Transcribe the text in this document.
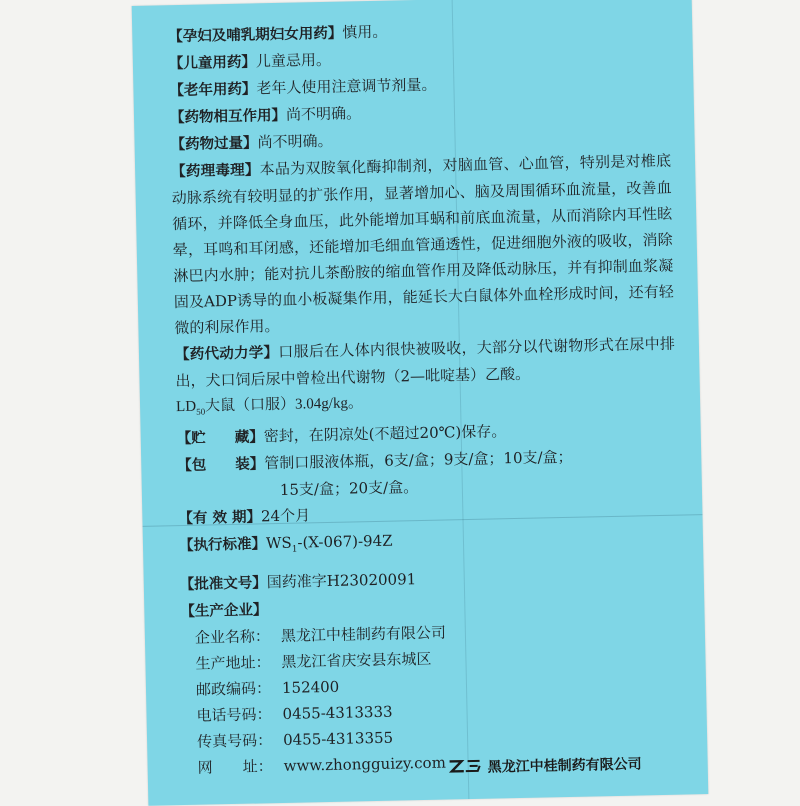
【孕妇及哺乳期妇女用药】慎用。
【儿童用药】儿童忌用。
【老年用药】老年人使用注意调节剂量。
【药物相互作用】尚不明确。
【药物过量】尚不明确。
【药理毒理】本品为双胺氧化酶抑制剂，对脑血管、心血管，特别是对椎底动脉系统有较明显的扩张作用，显著增加心、脑及周围循环血流量，改善血循环，并降低全身血压，此外能增加耳蜗和前底血流量，从而消除内耳性眩晕，耳鸣和耳闭感，还能增加毛细血管通透性，促进细胞外液的吸收，消除淋巴内水肿；能对抗儿茶酚胺的缩血管作用及降低动脉压，并有抑制血浆凝固及ADP诱导的血小板凝集作用，能延长大白鼠体外血栓形成时间，还有轻微的利尿作用。
【药代动力学】口服后在人体内很快被吸收，大部分以代谢物形式在尿中排出，犬口饲后尿中曾检出代谢物（2—吡啶基）乙酸。
$LD_{50}$大鼠（口服）3.04g/kg。
【贮　　藏】密封，在阴凉处(不超过20℃)保存。
【包　　装】管制口服液体瓶，6支/盒；9支/盒；10支/盒；
15支/盒；20支/盒。
【有 效 期】24个月
【执行标准】$WS_1-(X-067)-94Z$
【批准文号】国药准字H23020091
【生产企业】
企业名称： 黑龙江中桂制药有限公司
生产地址： 黑龙江省庆安县东城区
邮政编码： 152400
电话号码： 0455-4313333
传真号码： 0455-4313355
网　　址： www.zhongguizy.com	黑龙江中桂制药有限公司
